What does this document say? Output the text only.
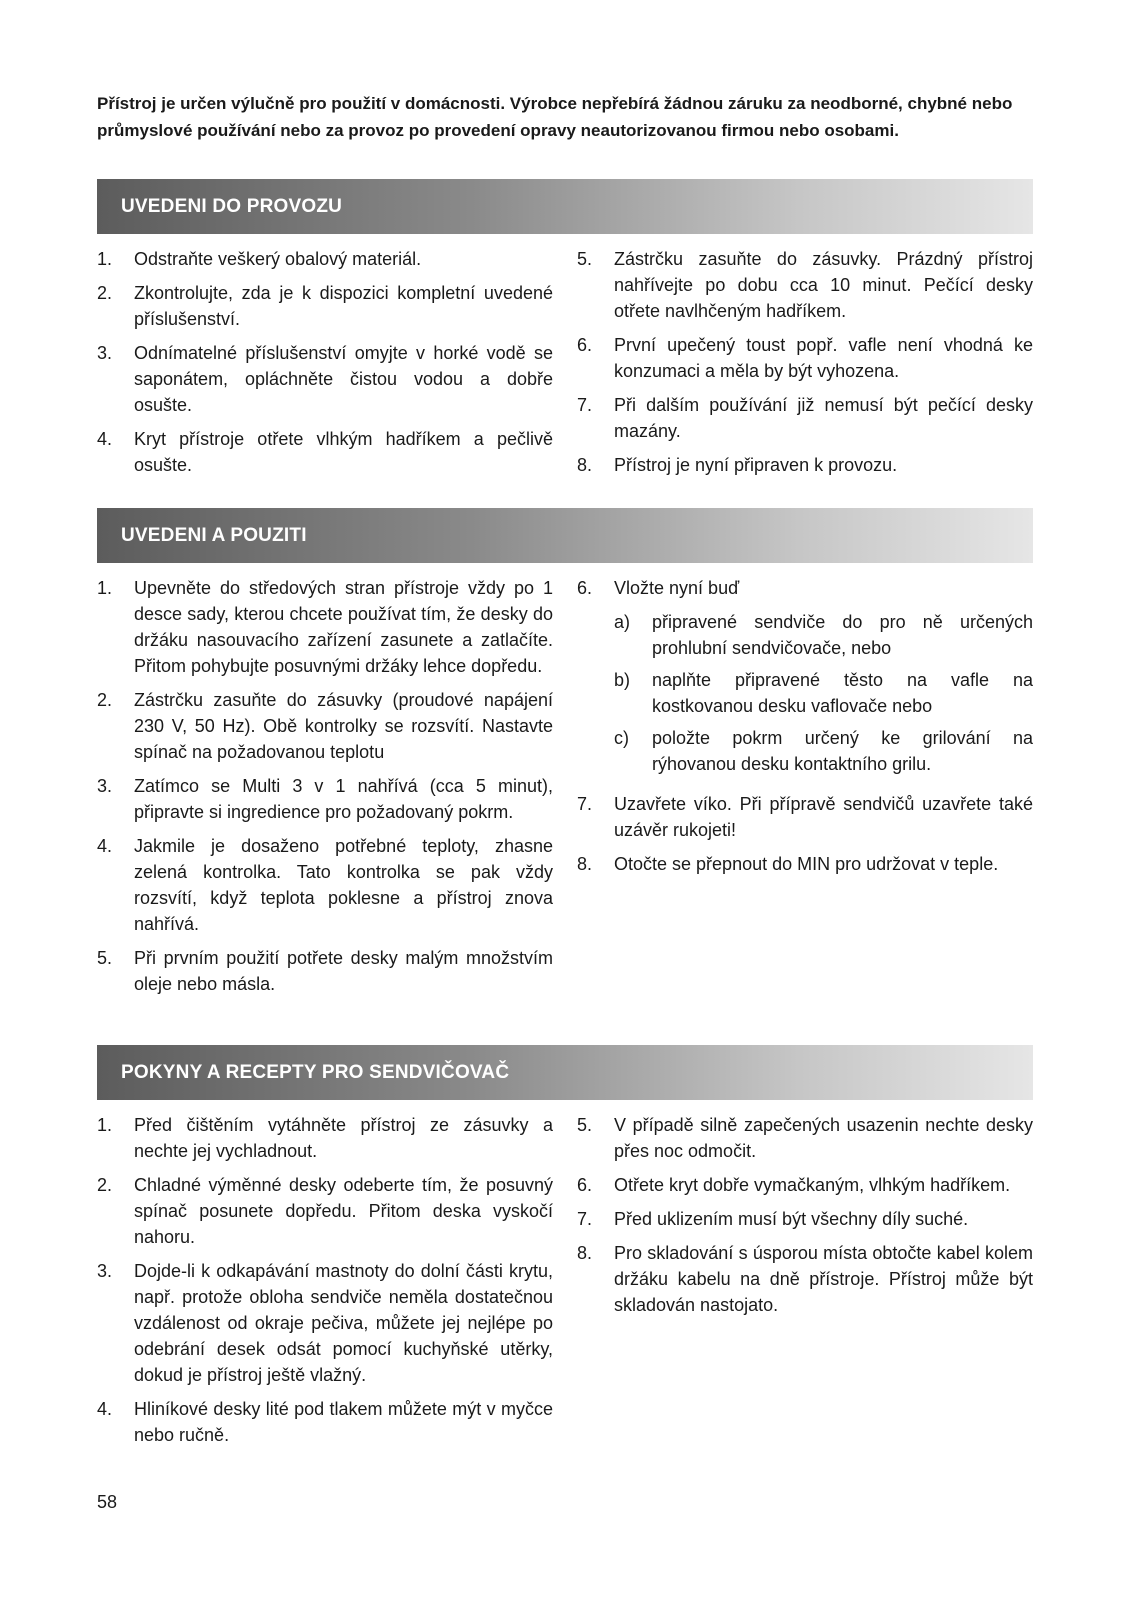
Přístroj je určen výlučně pro použití v domácnosti. Výrobce nepřebírá žádnou záruku za neodborné, chybné nebo průmyslové používání nebo za provoz po provedení opravy neautorizovanou firmou nebo osobami.
UVEDENI DO PROVOZU
1.	Odstraňte veškerý obalový materiál.
2.	Zkontrolujte, zda je k dispozici kompletní uvedené příslušenství.
3.	Odnímatelné příslušenství omyjte v horké vodě se saponátem, opláchněte čistou vodou a dobře osušte.
4.	Kryt přístroje otřete vlhkým hadříkem a pečlivě osušte.
5.	Zástrčku zasuňte do zásuvky. Prázdný přístroj nahřívejte po dobu cca 10 minut. Pečící desky otřete navlhčeným hadříkem.
6.	První upečený toust popř. vafle není vhodná ke konzumaci a měla by být vyhozena.
7.	Při dalším používání již nemusí být pečící desky mazány.
8.	Přístroj je nyní připraven k provozu.
UVEDENI A POUZITI
1.	Upevněte do středových stran přístroje vždy po 1 desce sady, kterou chcete používat tím, že desky do držáku nasouvacího zařízení zasunete a zatlačíte. Přitom pohybujte posuvnými držáky lehce dopředu.
2.	Zástrčku zasuňte do zásuvky (proudové napájení 230 V, 50 Hz). Obě kontrolky se rozsvítí. Nastavte spínač na požadovanou teplotu
3.	Zatímco se Multi 3 v 1 nahřívá (cca 5 minut), připravte si ingredience pro požadovaný pokrm.
4.	Jakmile je dosaženo potřebné teploty, zhasne zelená kontrolka. Tato kontrolka se pak vždy rozsvítí, když teplota poklesne a přístroj znova nahřívá.
5.	Při prvním použití potřete desky malým množstvím oleje nebo másla.
6.	Vložte nyní buď
a)	připravené sendviče do pro ně určených prohlubní sendvičovače, nebo
b)	naplňte připravené těsto na vafle na kostkovanou desku vaflovače nebo
c)	položte pokrm určený ke grilování na rýhovanou desku kontaktního grilu.
7.	Uzavřete víko. Při přípravě sendvičů uzavřete také uzávěr rukojeti!
8.	Otočte se přepnout do MIN pro udržovat v teple.
POKYNY A RECEPTY PRO SENDVIČOVAČ
1.	Před čištěním vytáhněte přístroj ze zásuvky a nechte jej vychladnout.
2.	Chladné výměnné desky odeberte tím, že posuvný spínač posunete dopředu. Přitom deska vyskočí nahoru.
3.	Dojde-li k odkapávání mastnoty do dolní části krytu, např. protože obloha sendviče neměla dostatečnou vzdálenost od okraje pečiva, můžete jej nejlépe po odebrání desek odsát pomocí kuchyňské utěrky, dokud je přístroj ještě vlažný.
4.	Hliníkové desky lité pod tlakem můžete mýt v myčce nebo ručně.
5.	V případě silně zapečených usazenin nechte desky přes noc odmočit.
6.	Otřete kryt dobře vymačkaným, vlhkým hadříkem.
7.	Před uklizením musí být všechny díly suché.
8.	Pro skladování s úsporou místa obtočte kabel kolem držáku kabelu na dně přístroje. Přístroj může být skladován nastojato.
58
